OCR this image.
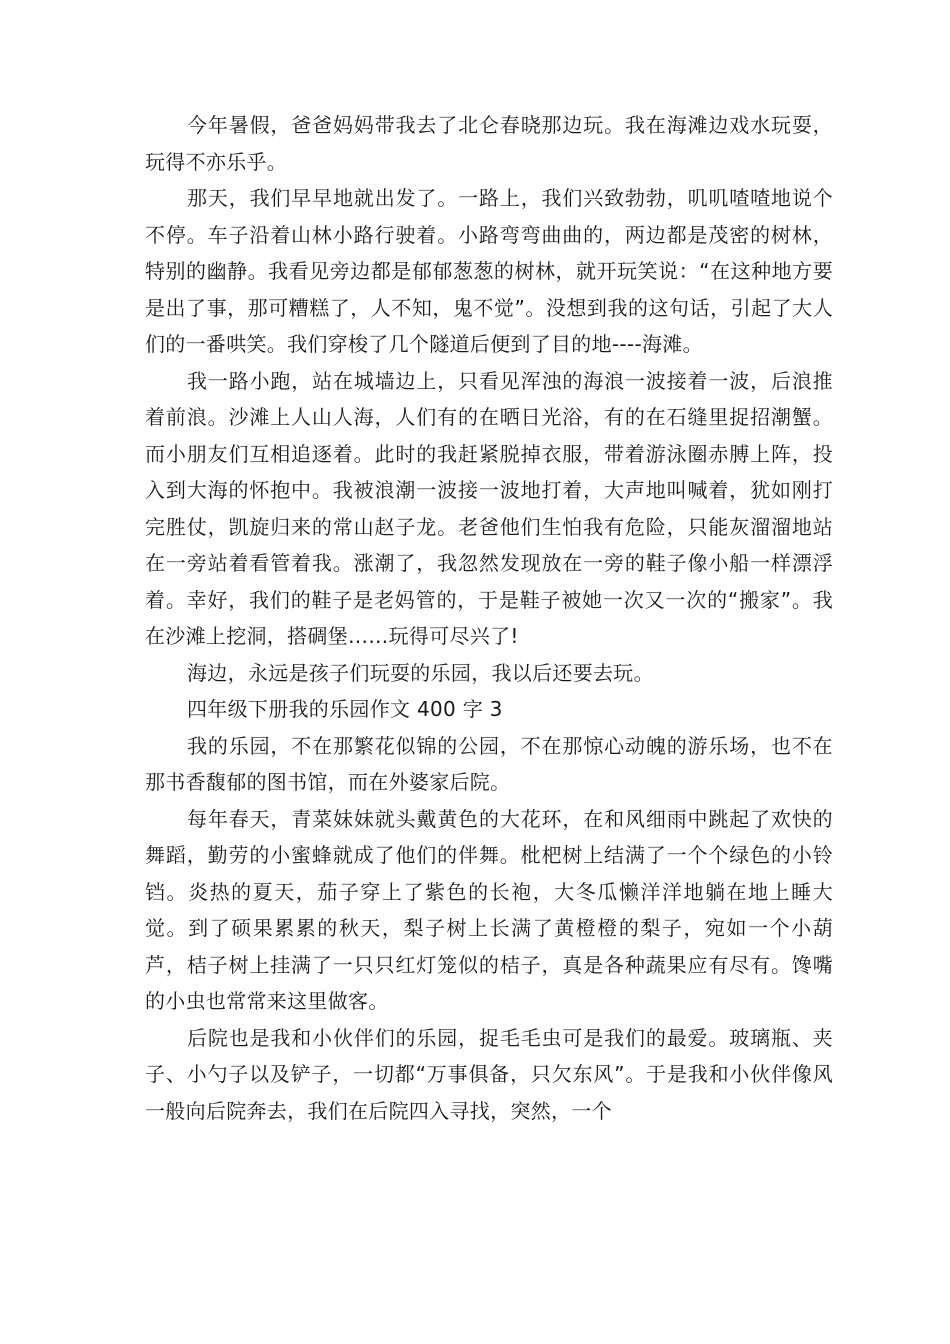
今年暑假，爸爸妈妈带我去了北仑春晓那边玩。我在海滩边戏水玩耍，玩得不亦乐乎。

那天，我们早早地就出发了。一路上，我们兴致勃勃，叽叽喳喳地说个不停。车子沿着山林小路行驶着。小路弯弯曲曲的，两边都是茂密的树林，特别的幽静。我看见旁边都是郁郁葱葱的树林，就开玩笑说：“在这种地方要是出了事，那可糟糕了，人不知，鬼不觉”。没想到我的这句话，引起了大人们的一番哄笑。我们穿梭了几个隧道后便到了目的地----海滩。

我一路小跑，站在城墙边上，只看见浑浊的海浪一波接着一波，后浪推着前浪。沙滩上人山人海，人们有的在晒日光浴，有的在石缝里捉招潮蟹。而小朋友们互相追逐着。此时的我赶紧脱掉衣服，带着游泳圈赤膊上阵，投入到大海的怀抱中。我被浪潮一波接一波地打着，大声地叫喊着，犹如刚打完胜仗，凯旋归来的常山赵子龙。老爸他们生怕我有危险，只能灰溜溜地站在一旁站着看管着我。涨潮了，我忽然发现放在一旁的鞋子像小船一样漂浮着。幸好，我们的鞋子是老妈管的，于是鞋子被她一次又一次的“搬家”。我在沙滩上挖洞，搭碉堡……玩得可尽兴了!

海边，永远是孩子们玩耍的乐园，我以后还要去玩。

四年级下册我的乐园作文 400 字 3

我的乐园，不在那繁花似锦的公园，不在那惊心动魄的游乐场，也不在那书香馥郁的图书馆，而在外婆家后院。

每年春天，青菜妹妹就头戴黄色的大花环，在和风细雨中跳起了欢快的舞蹈，勤劳的小蜜蜂就成了他们的伴舞。枇杷树上结满了一个个绿色的小铃铛。炎热的夏天，茄子穿上了紫色的长袍，大冬瓜懒洋洋地躺在地上睡大觉。到了硕果累累的秋天，梨子树上长满了黄橙橙的梨子，宛如一个小葫芦，桔子树上挂满了一只只红灯笼似的桔子，真是各种蔬果应有尽有。馋嘴的小虫也常常来这里做客。

后院也是我和小伙伴们的乐园，捉毛毛虫可是我们的最爱。玻璃瓶、夹子、小勺子以及铲子，一切都“万事俱备，只欠东风”。于是我和小伙伴像风一般向后院奔去，我们在后院四入寻找，突然，一个
